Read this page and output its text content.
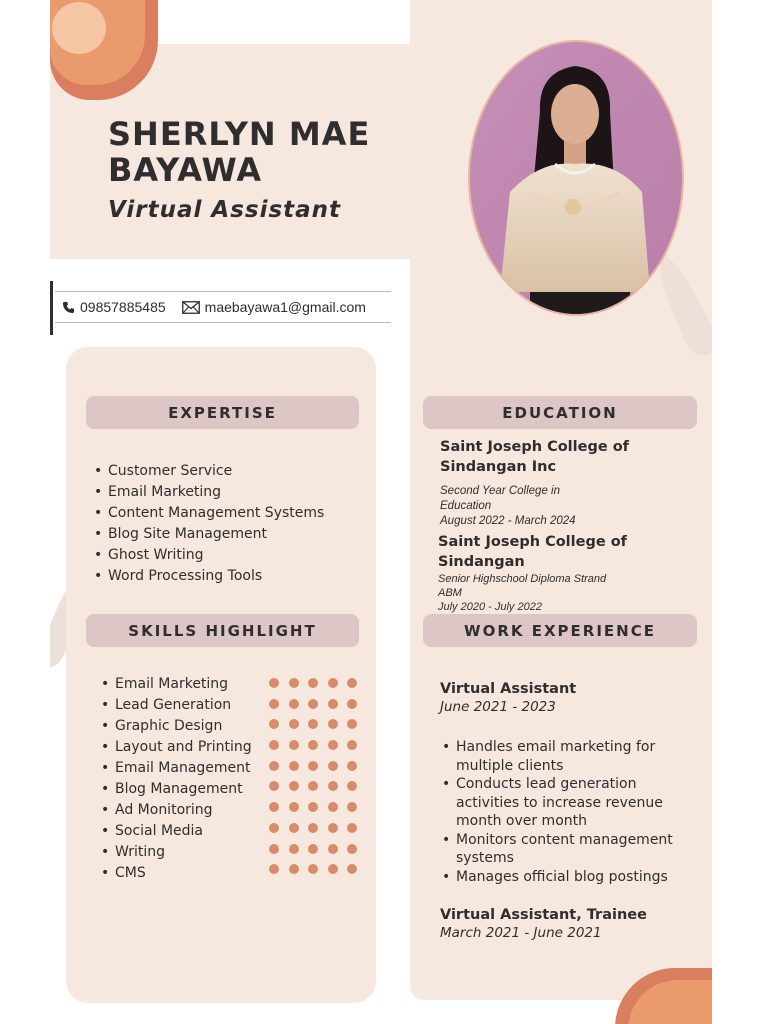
SHERLYN MAE
BAYAWA
Virtual Assistant
09857885485	maebayawa1@gmail.com
EXPERTISE
• Customer Service
• Email Marketing
• Content Management Systems
• Blog Site Management
• Ghost Writing
• Word Processing Tools
SKILLS HIGHLIGHT
• Email Marketing
• Lead Generation
• Graphic Design
• Layout and Printing
• Email Management
• Blog Management
• Ad Monitoring
• Social Media
• Writing
• CMS
EDUCATION
Saint Joseph College of
Sindangan Inc
Second Year College in
Education
August 2022 - March 2024
Saint Joseph College of
Sindangan
Senior Highschool Diploma Strand
ABM
July 2020 - July 2022
WORK EXPERIENCE
Virtual Assistant
June 2021 - 2023
• Handles email marketing for
multiple clients
• Conducts lead generation
activities to increase revenue
month over month
• Monitors content management
systems
• Manages official blog postings
Virtual Assistant, Trainee
March 2021 - June 2021
